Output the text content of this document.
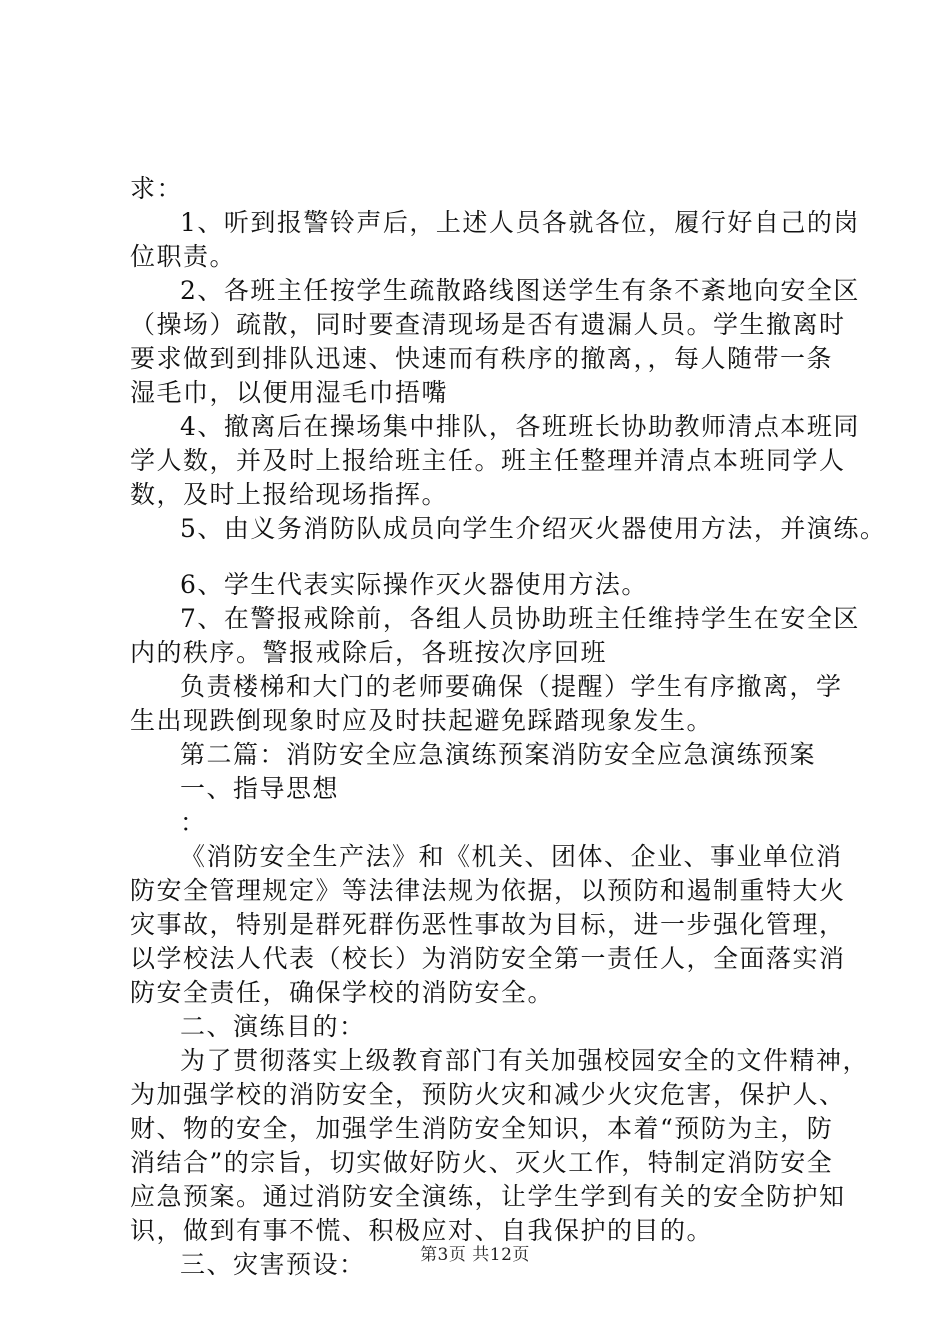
求：
1、听到报警铃声后，上述人员各就各位，履行好自己的岗
位职责。
2、各班主任按学生疏散路线图送学生有条不紊地向安全区
（操场）疏散，同时要查清现场是否有遗漏人员。学生撤离时
要求做到到排队迅速、快速而有秩序的撤离，，每人随带一条
湿毛巾，以便用湿毛巾捂嘴
4、撤离后在操场集中排队，各班班长协助教师清点本班同
学人数，并及时上报给班主任。班主任整理并清点本班同学人
数，及时上报给现场指挥。
5、由义务消防队成员向学生介绍灭火器使用方法，并演练。
6、学生代表实际操作灭火器使用方法。
7、在警报戒除前，各组人员协助班主任维持学生在安全区
内的秩序。警报戒除后，各班按次序回班
负责楼梯和大门的老师要确保（提醒）学生有序撤离，学
生出现跌倒现象时应及时扶起避免踩踏现象发生。
第二篇：消防安全应急演练预案消防安全应急演练预案
一、指导思想
：
《消防安全生产法》和《机关、团体、企业、事业单位消
防安全管理规定》等法律法规为依据，以预防和遏制重特大火
灾事故，特别是群死群伤恶性事故为目标，进一步强化管理，
以学校法人代表（校长）为消防安全第一责任人，全面落实消
防安全责任，确保学校的消防安全。
二、演练目的：
为了贯彻落实上级教育部门有关加强校园安全的文件精神，
为加强学校的消防安全，预防火灾和减少火灾危害，保护人、
财、物的安全，加强学生消防安全知识，本着“预防为主，防
消结合”的宗旨，切实做好防火、灭火工作，特制定消防安全
应急预案。通过消防安全演练，让学生学到有关的安全防护知
识，做到有事不慌、积极应对、自我保护的目的。
三、灾害预设：	第3页 共12页
